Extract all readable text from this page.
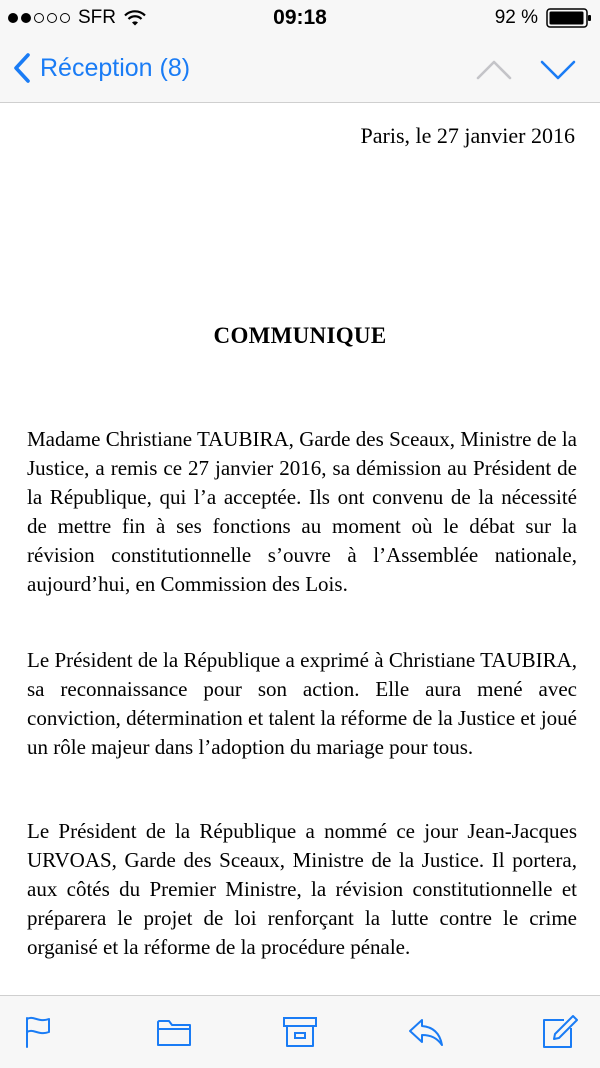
SFR	09:18	92 %
Réception (8)
Paris, le 27 janvier 2016
COMMUNIQUE

Madame Christiane TAUBIRA, Garde des Sceaux, Ministre de la Justice, a remis ce 27 janvier 2016, sa démission au Président de la République, qui l’a acceptée. Ils ont convenu de la nécessité de mettre fin à ses fonctions au moment où le débat sur la révision constitutionnelle s’ouvre à l’Assemblée nationale, aujourd’hui, en Commission des Lois.

Le Président de la République a exprimé à Christiane TAUBIRA, sa reconnaissance pour son action. Elle aura mené avec conviction, détermination et talent la réforme de la Justice et joué un rôle majeur dans l’adoption du mariage pour tous.

Le Président de la République a nommé ce jour Jean-Jacques URVOAS, Garde des Sceaux, Ministre de la Justice. Il portera, aux côtés du Premier Ministre, la révision constitutionnelle et préparera le projet de loi renforçant la lutte contre le crime organisé et la réforme de la procédure pénale.
